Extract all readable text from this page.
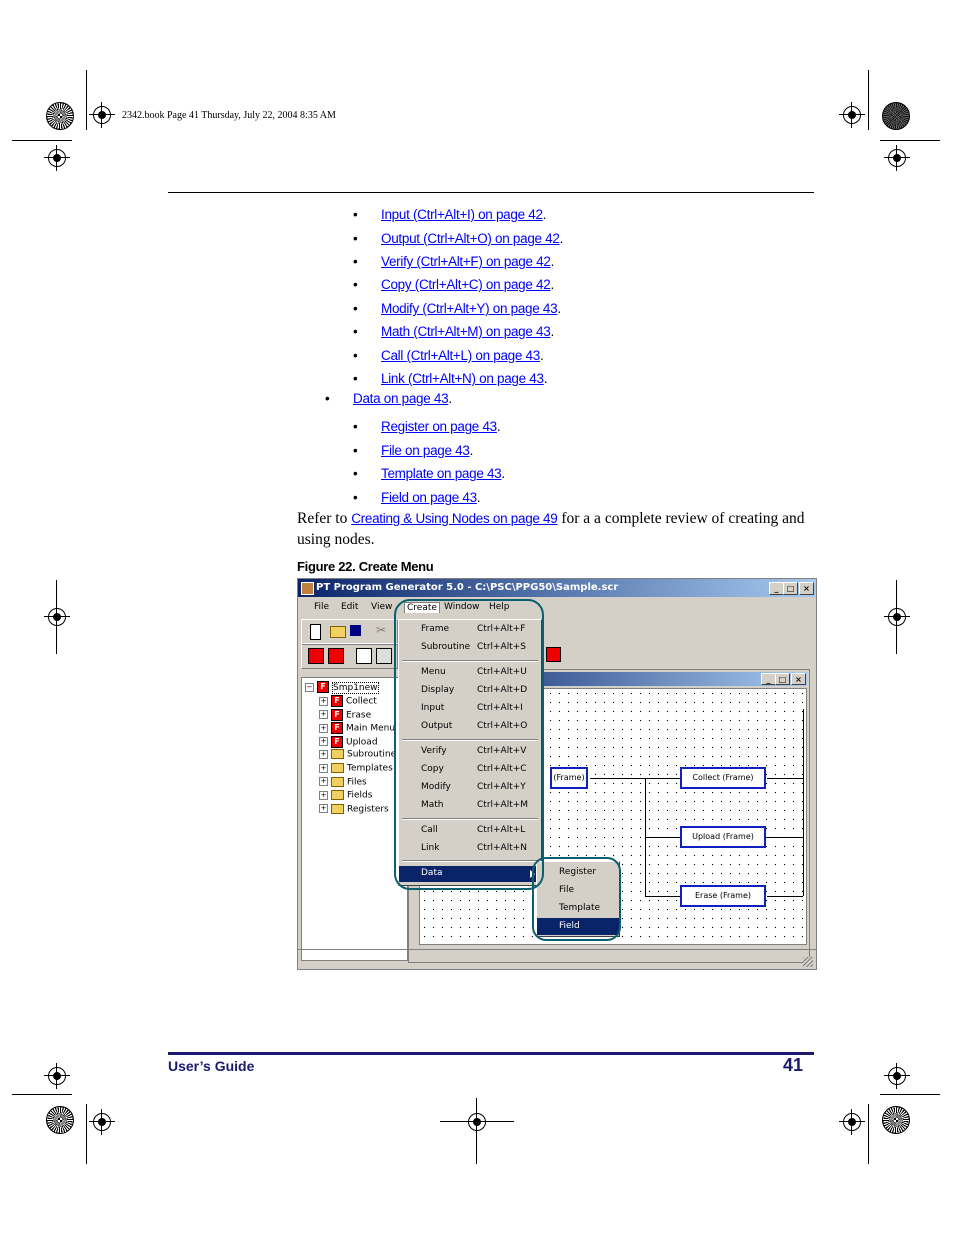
2342.book Page 41 Thursday, July 22, 2004 8:35 AM
• Input (Ctrl+Alt+I) on page 42.
• Output (Ctrl+Alt+O) on page 42.
• Verify (Ctrl+Alt+F) on page 42.
• Copy (Ctrl+Alt+C) on page 42.
• Modify (Ctrl+Alt+Y) on page 43.
• Math (Ctrl+Alt+M) on page 43.
• Call (Ctrl+Alt+L) on page 43.
• Link (Ctrl+Alt+N) on page 43.
• Data on page 43.
• Register on page 43.
• File on page 43.
• Template on page 43.
• Field on page 43.
Refer to Creating & Using Nodes on page 49 for a a complete review of creating and using nodes.
Figure 22. Create Menu
PT Program Generator 5.0 - C:\PSC\PPG50\Sample.scr	_	□	×
File Edit View	Create Window Help
✂
− F Smp1new
+ F Collect
+ F Erase
+ F Main Menu
+ F Upload
+ Subroutine
+ Templates
+ Files
+ Fields
+ Registers
_	□	×
(Frame)	Collect (Frame)
Upload (Frame)
Erase (Frame)
Frame	Ctrl+Alt+F
Subroutine Ctrl+Alt+S
Menu	Ctrl+Alt+U
Display	Ctrl+Alt+D
Input	Ctrl+Alt+I
Output	Ctrl+Alt+O
Verify	Ctrl+Alt+V
Copy	Ctrl+Alt+C
Modify	Ctrl+Alt+Y
Math	Ctrl+Alt+M
Call	Ctrl+Alt+L
Link	Ctrl+Alt+N
Data	Register
File
Template
Field
User’s Guide	41
